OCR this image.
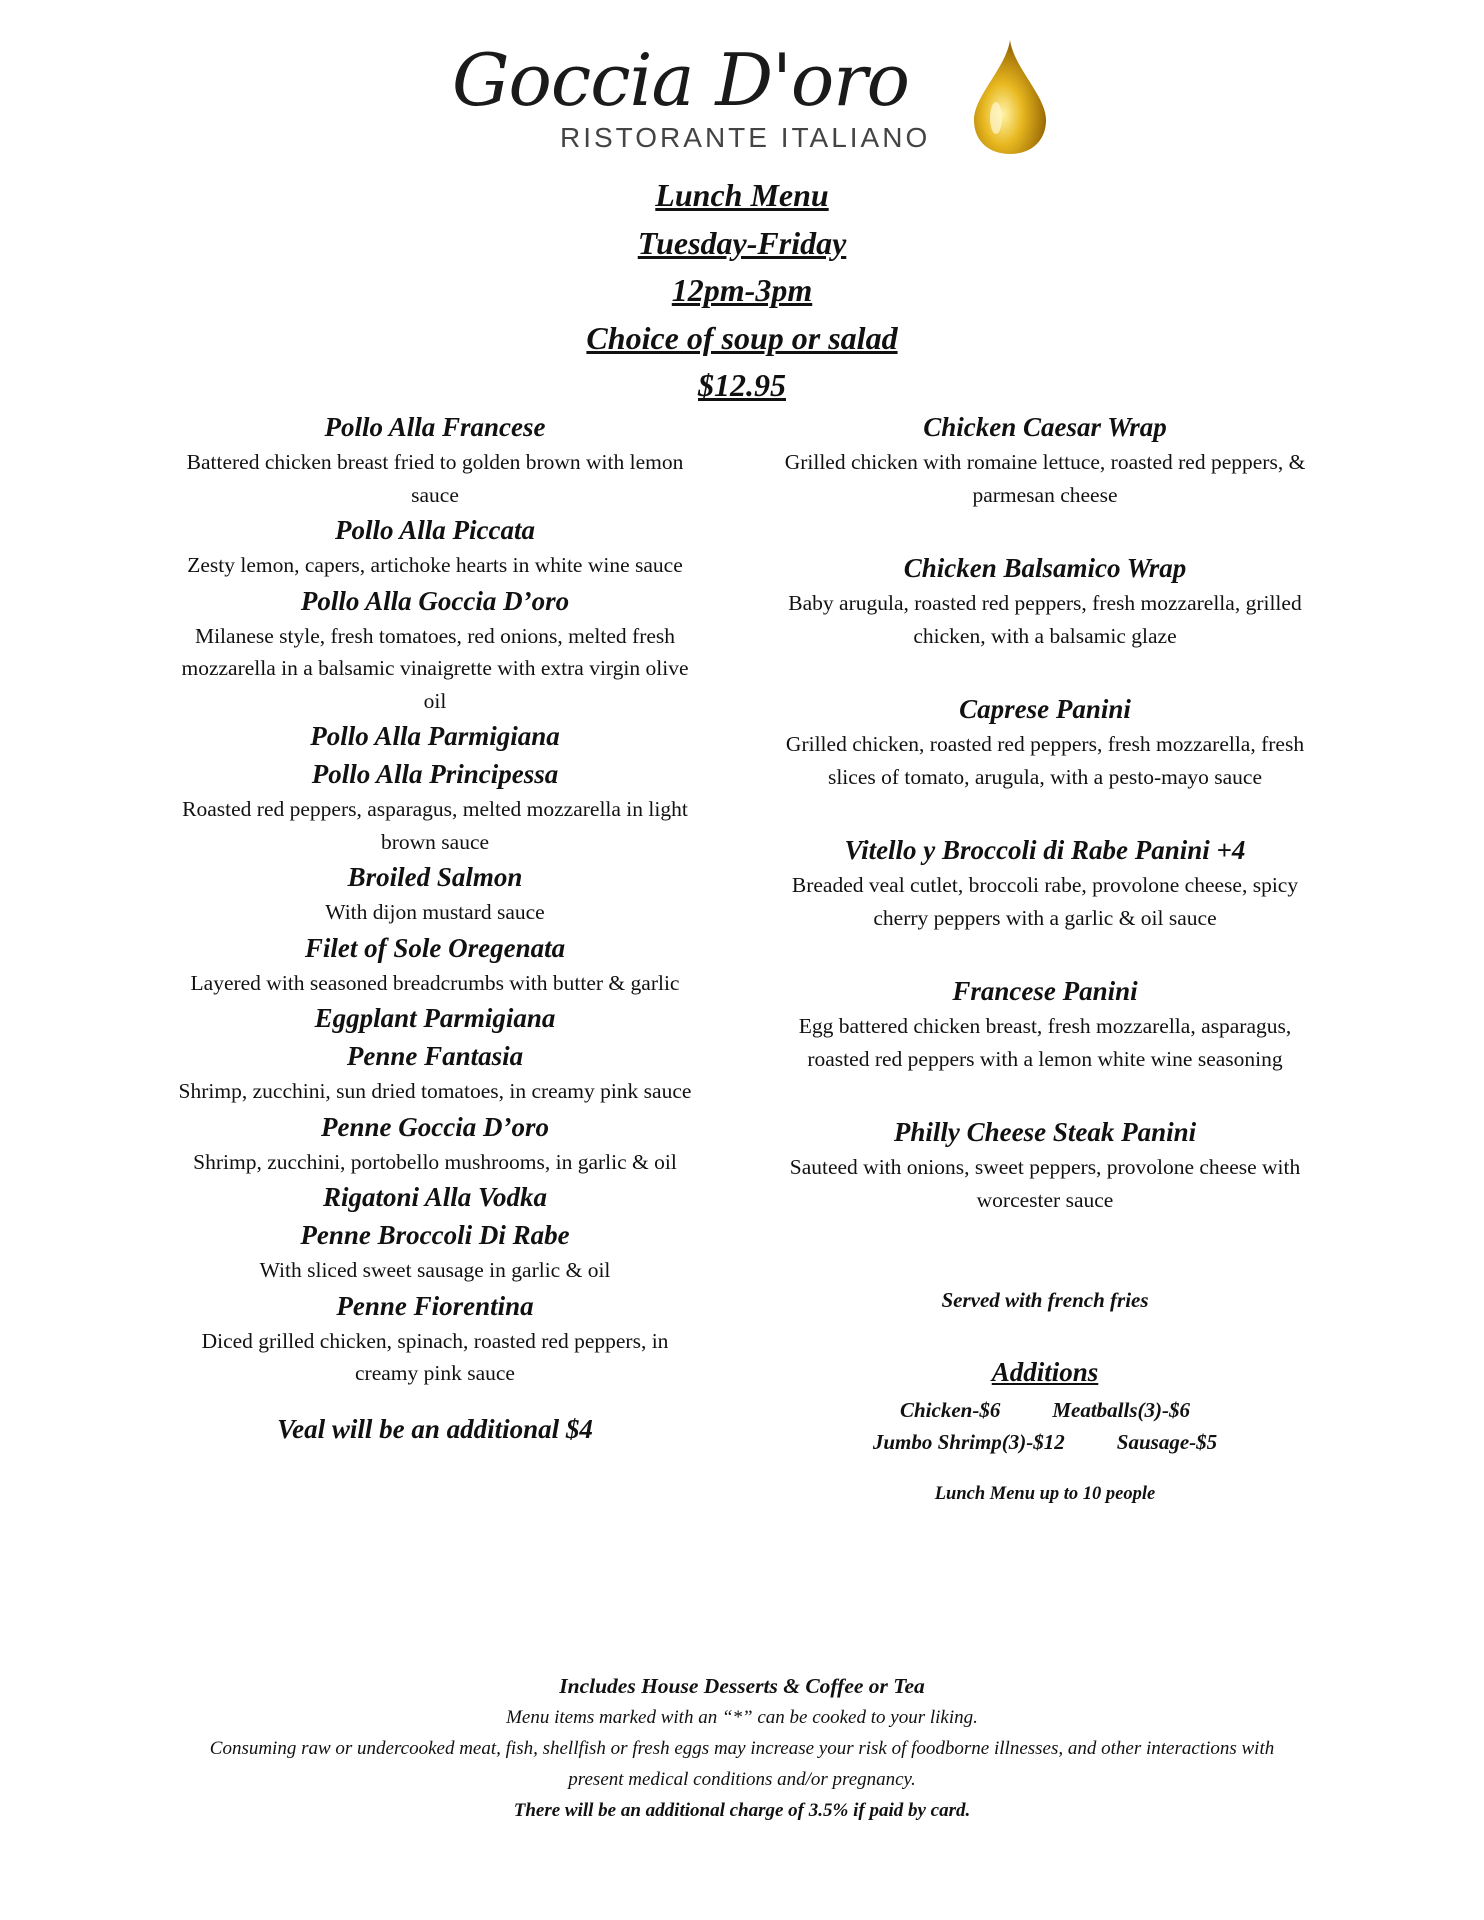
Goccia D'oro
RISTORANTE ITALIANO
Lunch Menu
Tuesday-Friday
12pm-3pm
Choice of soup or salad
$12.95
Pollo Alla Francese
Battered chicken breast fried to golden brown with lemon sauce
Pollo Alla Piccata
Zesty lemon, capers, artichoke hearts in white wine sauce
Pollo Alla Goccia D’oro
Milanese style, fresh tomatoes, red onions, melted fresh mozzarella in a balsamic vinaigrette with extra virgin olive oil
Pollo Alla Parmigiana
Pollo Alla Principessa
Roasted red peppers, asparagus, melted mozzarella in light brown sauce
Broiled Salmon
With dijon mustard sauce
Filet of Sole Oregenata
Layered with seasoned breadcrumbs with butter & garlic
Eggplant Parmigiana
Penne Fantasia
Shrimp, zucchini, sun dried tomatoes, in creamy pink sauce
Penne Goccia D’oro
Shrimp, zucchini, portobello mushrooms, in garlic & oil
Rigatoni Alla Vodka
Penne Broccoli Di Rabe
With sliced sweet sausage in garlic & oil
Penne Fiorentina
Diced grilled chicken, spinach, roasted red peppers, in creamy pink sauce
Veal will be an additional $4
Chicken Caesar Wrap
Grilled chicken with romaine lettuce, roasted red peppers, & parmesan cheese
Chicken Balsamico Wrap
Baby arugula, roasted red peppers, fresh mozzarella, grilled chicken, with a balsamic glaze
Caprese Panini
Grilled chicken, roasted red peppers, fresh mozzarella, fresh slices of tomato, arugula, with a pesto-mayo sauce
Vitello y Broccoli di Rabe Panini +4
Breaded veal cutlet, broccoli rabe, provolone cheese, spicy cherry peppers with a garlic & oil sauce
Francese Panini
Egg battered chicken breast, fresh mozzarella, asparagus, roasted red peppers with a lemon white wine seasoning
Philly Cheese Steak Panini
Sauteed with onions, sweet peppers, provolone cheese with worcester sauce
Served with french fries
Additions
Chicken-$6 Meatballs(3)-$6
Jumbo Shrimp(3)-$12 Sausage-$5
Lunch Menu up to 10 people
Includes House Desserts & Coffee or Tea
Menu items marked with an “*” can be cooked to your liking.
Consuming raw or undercooked meat, fish, shellfish or fresh eggs may increase your risk of foodborne illnesses, and other interactions with present medical conditions and/or pregnancy.
There will be an additional charge of 3.5% if paid by card.
